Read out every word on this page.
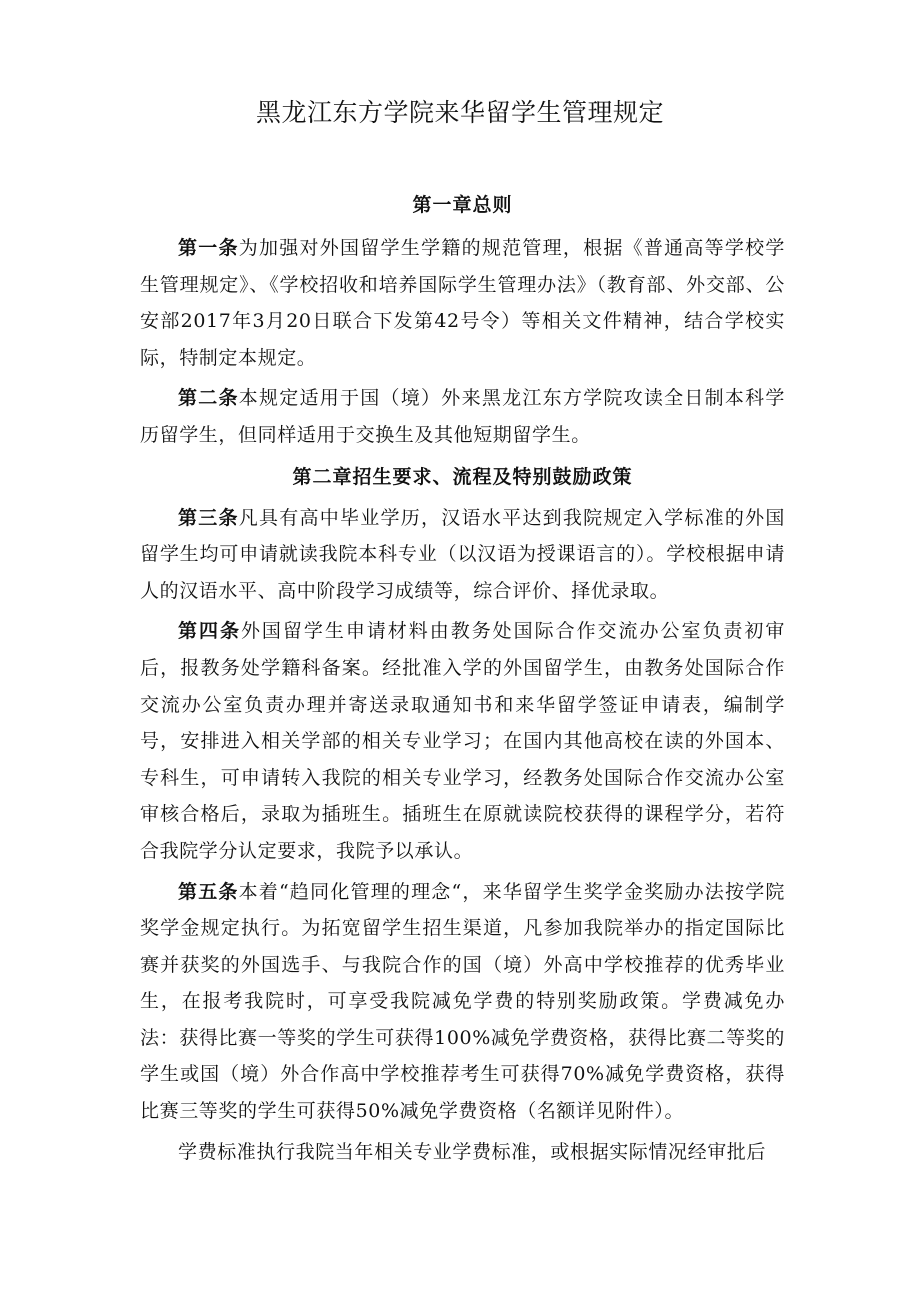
黑龙江东方学院来华留学生管理规定
第一章总则

第一条为加强对外国留学生学籍的规范管理，根据《普通高等学校学生管理规定》、《学校招收和培养国际学生管理办法》（教育部、外交部、公安部2017年3月20日联合下发第42号令）等相关文件精神，结合学校实际，特制定本规定。

第二条本规定适用于国（境）外来黑龙江东方学院攻读全日制本科学历留学生，但同样适用于交换生及其他短期留学生。

第二章招生要求、流程及特别鼓励政策

第三条凡具有高中毕业学历，汉语水平达到我院规定入学标准的外国留学生均可申请就读我院本科专业（以汉语为授课语言的）。学校根据申请人的汉语水平、高中阶段学习成绩等，综合评价、择优录取。

第四条外国留学生申请材料由教务处国际合作交流办公室负责初审后，报教务处学籍科备案。经批准入学的外国留学生，由教务处国际合作交流办公室负责办理并寄送录取通知书和来华留学签证申请表，编制学号，安排进入相关学部的相关专业学习；在国内其他高校在读的外国本、专科生，可申请转入我院的相关专业学习，经教务处国际合作交流办公室审核合格后，录取为插班生。插班生在原就读院校获得的课程学分，若符合我院学分认定要求，我院予以承认。

第五条本着“趋同化管理的理念“，来华留学生奖学金奖励办法按学院奖学金规定执行。为拓宽留学生招生渠道，凡参加我院举办的指定国际比赛并获奖的外国选手、与我院合作的国（境）外高中学校推荐的优秀毕业生，在报考我院时，可享受我院减免学费的特别奖励政策。学费减免办法：获得比赛一等奖的学生可获得100%减免学费资格，获得比赛二等奖的学生或国（境）外合作高中学校推荐考生可获得70%减免学费资格，获得比赛三等奖的学生可获得50%减免学费资格（名额详见附件）。

学费标准执行我院当年相关专业学费标准，或根据实际情况经审批后
